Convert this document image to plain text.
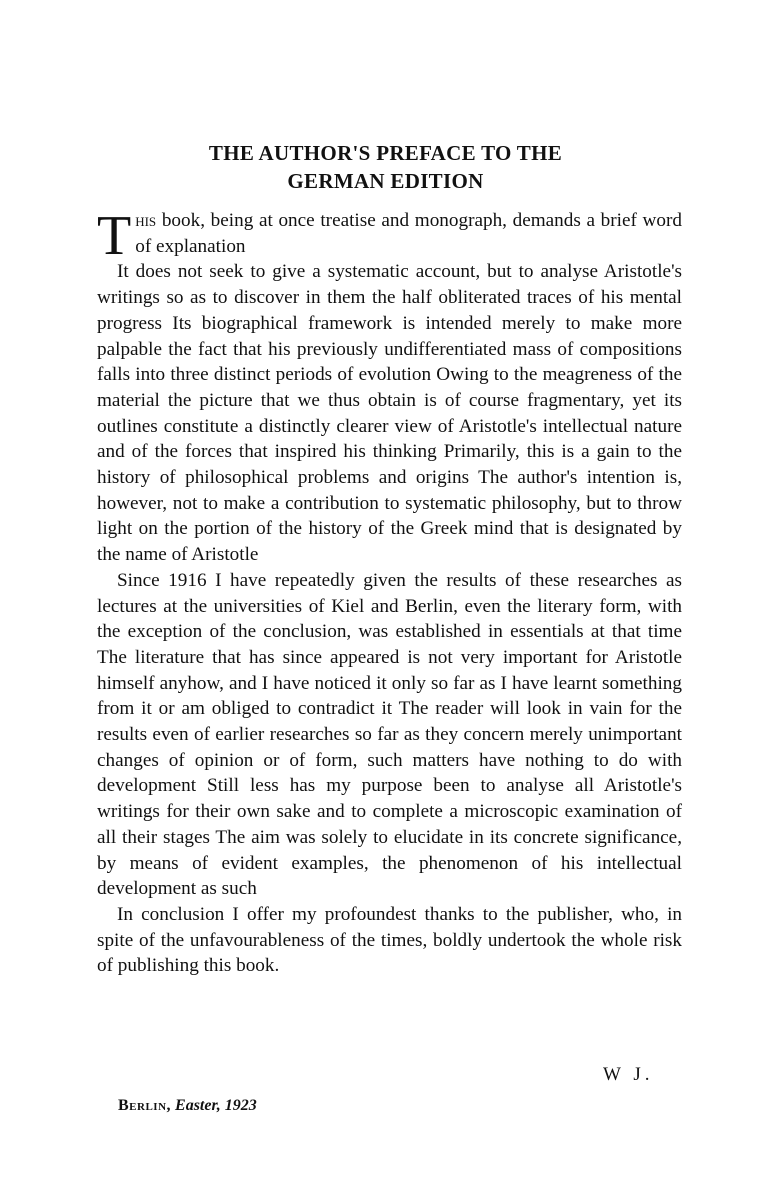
THE AUTHOR'S PREFACE TO THE
GERMAN EDITION

This book, being at once treatise and monograph, demands a brief word of explanation

It does not seek to give a systematic account, but to analyse Aristotle's writings so as to discover in them the half obliterated traces of his mental progress Its biographical framework is intended merely to make more palpable the fact that his previously undifferentiated mass of compositions falls into three distinct periods of evolution Owing to the meagreness of the material the picture that we thus obtain is of course fragmentary, yet its outlines constitute a distinctly clearer view of Aristotle's intellectual nature and of the forces that inspired his thinking Primarily, this is a gain to the history of philosophical problems and origins The author's intention is, however, not to make a contribution to systematic philosophy, but to throw light on the portion of the history of the Greek mind that is designated by the name of Aristotle

Since 1916 I have repeatedly given the results of these researches as lectures at the universities of Kiel and Berlin, even the literary form, with the exception of the conclusion, was established in essentials at that time The literature that has since appeared is not very important for Aristotle himself anyhow, and I have noticed it only so far as I have learnt something from it or am obliged to contradict it The reader will look in vain for the results even of earlier researches so far as they concern merely unimportant changes of opinion or of form, such matters have nothing to do with development Still less has my purpose been to analyse all Aristotle's writings for their own sake and to complete a microscopic examination of all their stages The aim was solely to elucidate in its concrete significance, by means of evident examples, the phenomenon of his intellectual development as such

In conclusion I offer my profoundest thanks to the publisher, who, in spite of the unfavourableness of the times, boldly undertook the whole risk of publishing this book.

W J.
Berlin, Easter, 1923
